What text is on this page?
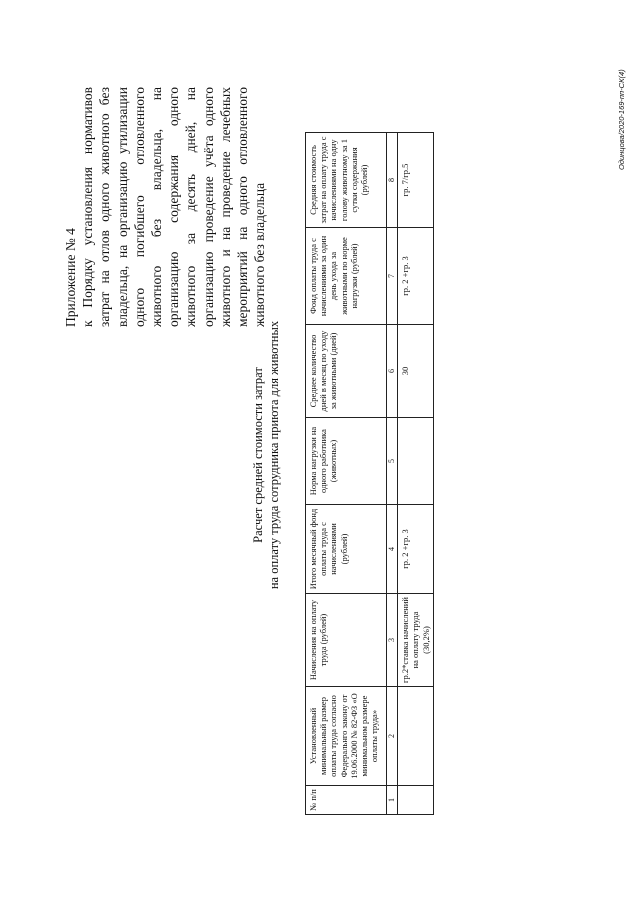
Приложение № 4 к Порядку установления нормативов затрат на отлов одного животного без владельца, на организацию утилизации одного погибшего отловленного животного без владельца, на организацию содержания одного животного за десять дней, на организацию проведение учёта одного животного и на проведение лечебных мероприятий на одного отловленного животного без владельца

Расчет средней стоимости затрат на оплату труда сотрудника приюта для животных
№ п/п	Установленный минимальный размер оплаты труда согласно Федеральнго закону от 19.06.2000 № 82-ФЗ «О минимальном размере оплаты труда»	Начисления на оплату труда (рублей)	Итого месячный фонд оплаты труда с начислениями (рублей)	Норма нагрузки на одного работника (животных)	Среднее количество дней в месяц по уходу за животными (дней)	Фонд оплаты труда с начислениями за один день ухода за животными по норме нагрузки (рублей)	Средняя стоимость затрат на оплату труда с начислениями на одну голову животному за 1 сутки содержания (рублей)
1	2	3	4	5	6	7	8
		гр.2*ставка начислений на оплату труда (30,2%)	гр. 2 +гр. 3		30	гр. 2 +гр. 3	гр. 7/гр.5
Одинцова/2020-169-пп-СК(4)
